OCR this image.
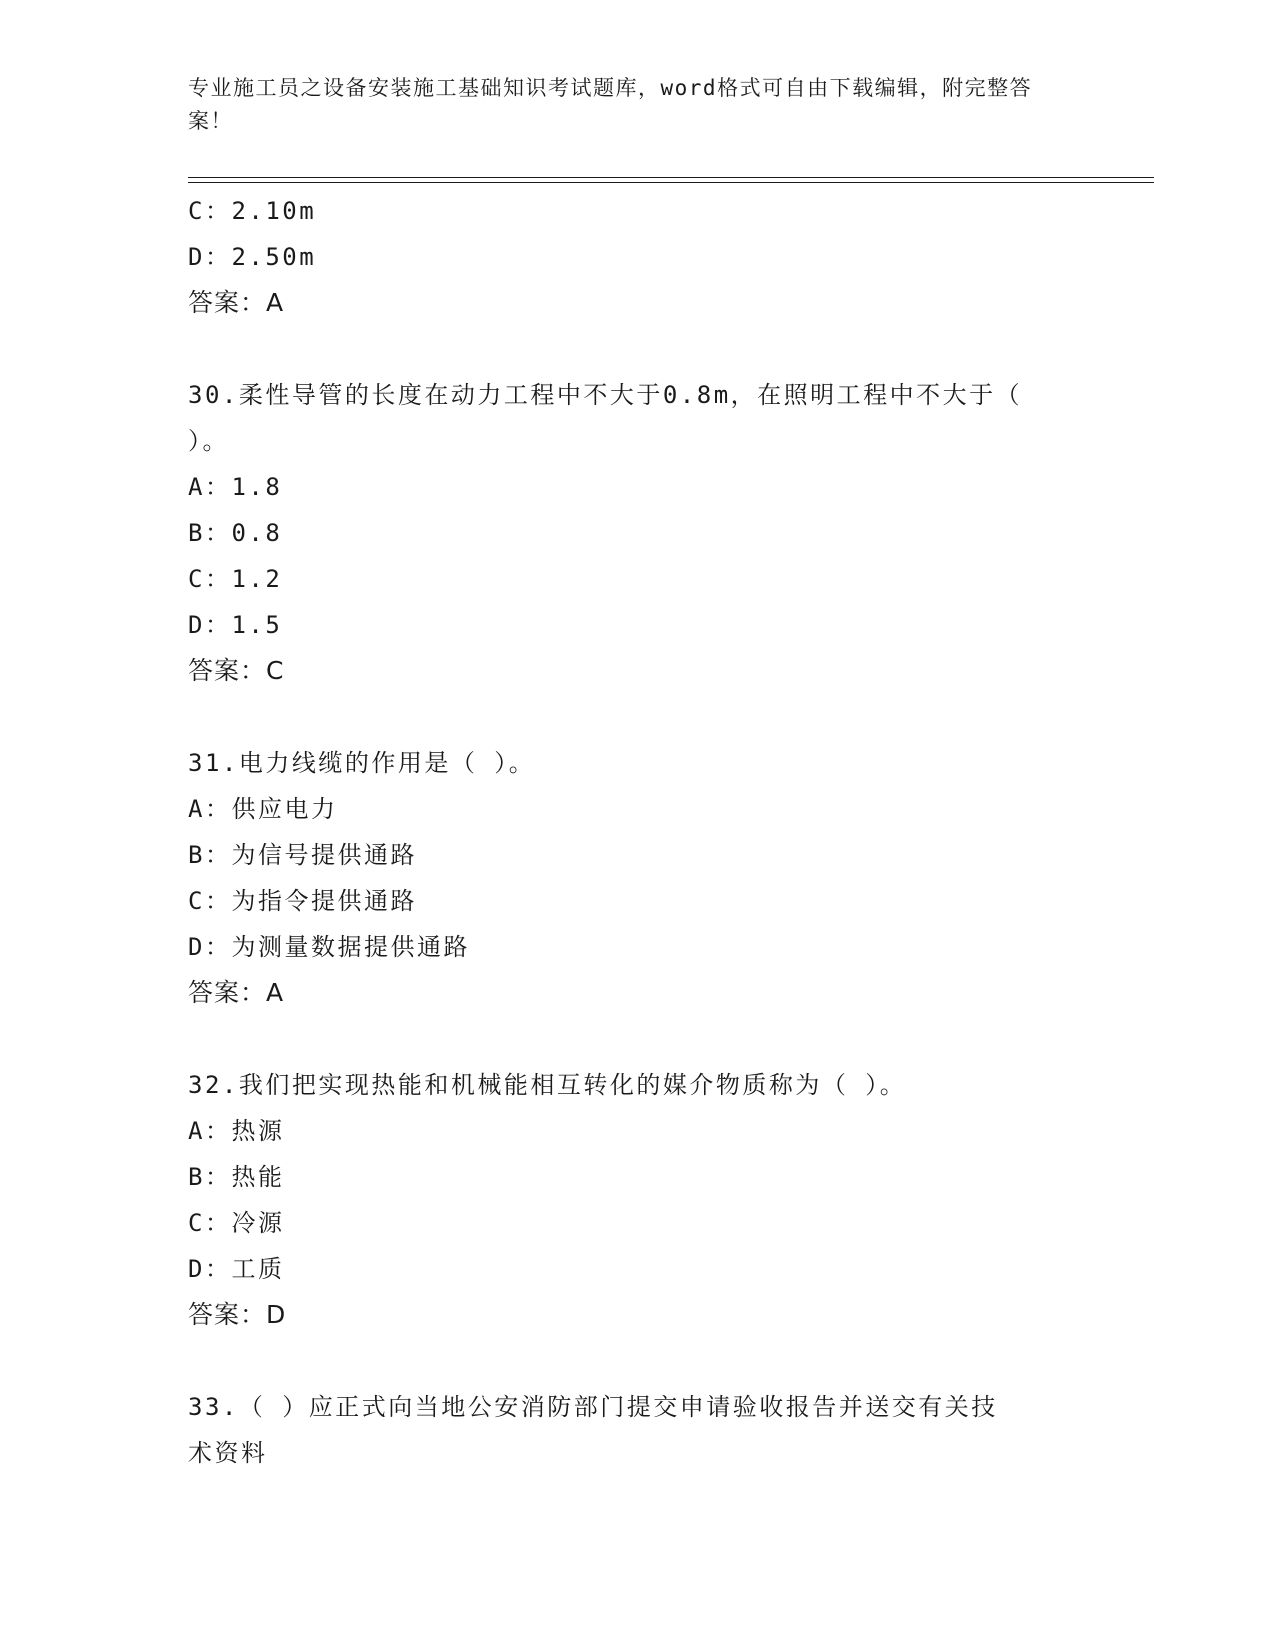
专业施工员之设备安装施工基础知识考试题库，word格式可自由下载编辑，附完整答案！
C：2.10m
D：2.50m
答案：A
30.柔性导管的长度在动力工程中不大于0.8m，在照明工程中不大于（
）。
A：1.8
B：0.8
C：1.2
D：1.5
答案：C
31.电力线缆的作用是（ ）。
A：供应电力
B：为信号提供通路
C：为指令提供通路
D：为测量数据提供通路
答案：A
32.我们把实现热能和机械能相互转化的媒介物质称为（ ）。
A：热源
B：热能
C：冷源
D：工质
答案：D
33.（ ）应正式向当地公安消防部门提交申请验收报告并送交有关技
术资料
